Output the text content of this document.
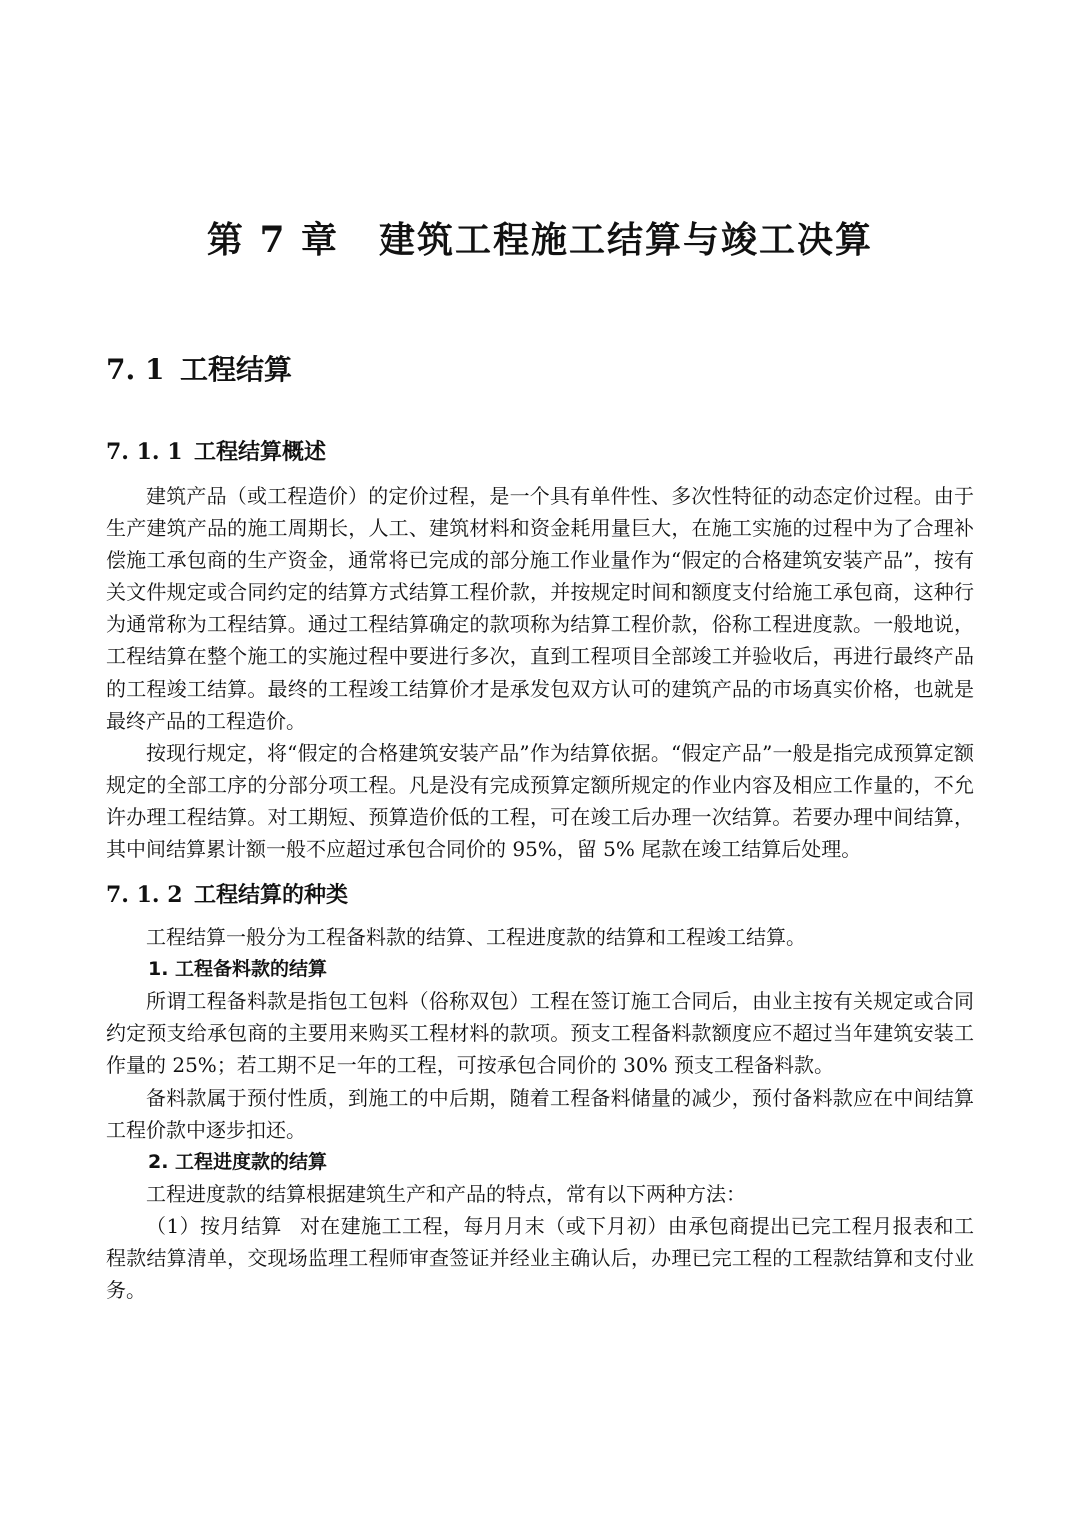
第 7 章 建筑工程施工结算与竣工决算
7. 1 工程结算
7. 1. 1 工程结算概述

建筑产品（或工程造价）的定价过程，是一个具有单件性、多次性特征的动态定价过程。由于生产建筑产品的施工周期长，人工、建筑材料和资金耗用量巨大，在施工实施的过程中为了合理补偿施工承包商的生产资金，通常将已完成的部分施工作业量作为“假定的合格建筑安装产品”，按有关文件规定或合同约定的结算方式结算工程价款，并按规定时间和额度支付给施工承包商，这种行为通常称为工程结算。通过工程结算确定的款项称为结算工程价款，俗称工程进度款。一般地说，工程结算在整个施工的实施过程中要进行多次，直到工程项目全部竣工并验收后，再进行最终产品的工程竣工结算。最终的工程竣工结算价才是承发包双方认可的建筑产品的市场真实价格，也就是最终产品的工程造价。

按现行规定，将“假定的合格建筑安装产品”作为结算依据。“假定产品”一般是指完成预算定额规定的全部工序的分部分项工程。凡是没有完成预算定额所规定的作业内容及相应工作量的，不允许办理工程结算。对工期短、预算造价低的工程，可在竣工后办理一次结算。若要办理中间结算，其中间结算累计额一般不应超过承包合同价的 95%，留 5% 尾款在竣工结算后处理。

7. 1. 2 工程结算的种类

工程结算一般分为工程备料款的结算、工程进度款的结算和工程竣工结算。

1. 工程备料款的结算

所谓工程备料款是指包工包料（俗称双包）工程在签订施工合同后，由业主按有关规定或合同约定预支给承包商的主要用来购买工程材料的款项。预支工程备料款额度应不超过当年建筑安装工作量的 25%；若工期不足一年的工程，可按承包合同价的 30% 预支工程备料款。

备料款属于预付性质，到施工的中后期，随着工程备料储量的减少，预付备料款应在中间结算工程价款中逐步扣还。

2. 工程进度款的结算

工程进度款的结算根据建筑生产和产品的特点，常有以下两种方法：

（1）按月结算 对在建施工工程，每月月末（或下月初）由承包商提出已完工程月报表和工程款结算清单，交现场监理工程师审查签证并经业主确认后，办理已完工程的工程款结算和支付业务。
